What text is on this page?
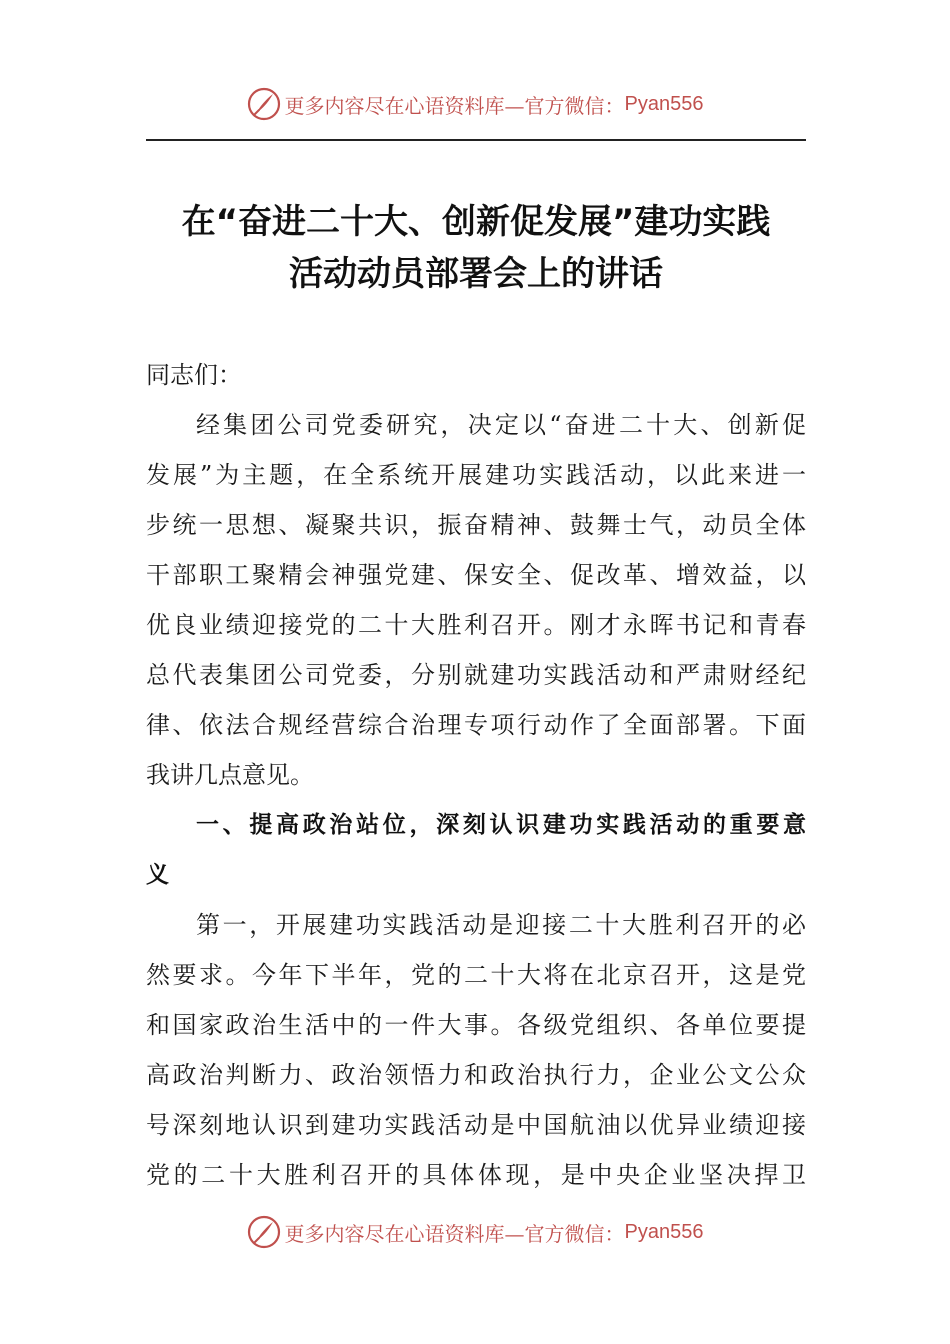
更多内容尽在心语资料库—官方微信： Pyan556
在“奋进二十大、创新促发展”建功实践
活动动员部署会上的讲话
同志们：
经集团公司党委研究，决定以“奋进二十大、创新促
发展”为主题，在全系统开展建功实践活动，以此来进一
步统一思想、凝聚共识，振奋精神、鼓舞士气，动员全体
干部职工聚精会神强党建、保安全、促改革、增效益，以
优良业绩迎接党的二十大胜利召开。刚才永晖书记和青春
总代表集团公司党委，分别就建功实践活动和严肃财经纪
律、依法合规经营综合治理专项行动作了全面部署。下面
我讲几点意见。
一、提高政治站位，深刻认识建功实践活动的重要意
义
第一，开展建功实践活动是迎接二十大胜利召开的必
然要求。今年下半年，党的二十大将在北京召开，这是党
和国家政治生活中的一件大事。各级党组织、各单位要提
高政治判断力、政治领悟力和政治执行力，企业公文公众
号深刻地认识到建功实践活动是中国航油以优异业绩迎接
党的二十大胜利召开的具体体现，是中央企业坚决捍卫
更多内容尽在心语资料库—官方微信： Pyan556
